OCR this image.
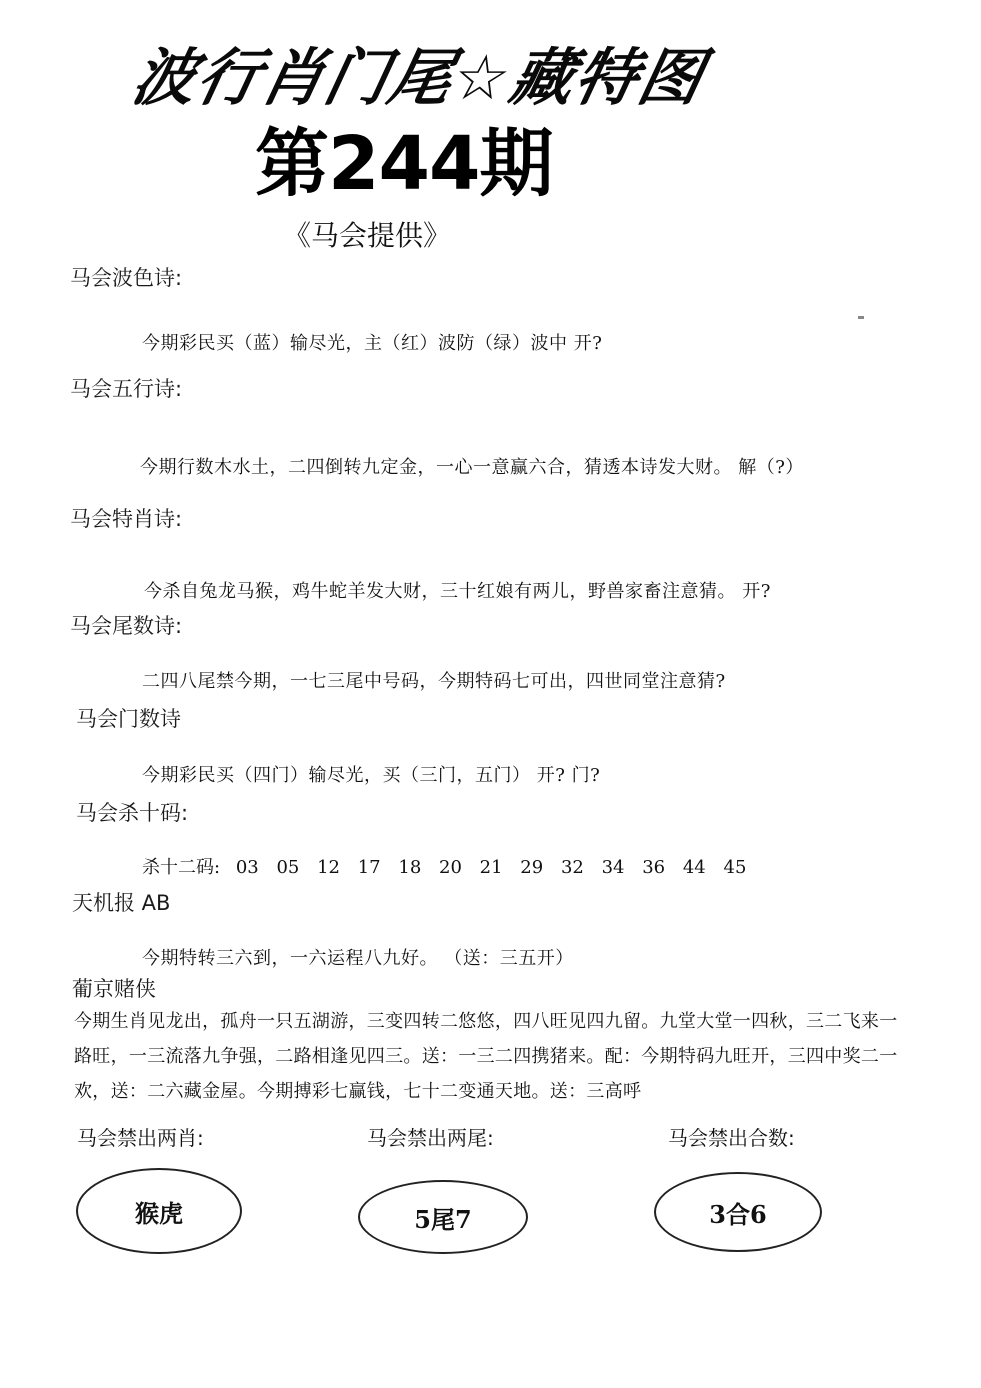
波行肖门尾☆藏特图
第244期
《马会提供》
马会波色诗:
今期彩民买（蓝）输尽光，主（红）波防（绿）波中 开?
马会五行诗:
今期行数木水土，二四倒转九定金，一心一意赢六合，猜透本诗发大财。 解（?）
马会特肖诗:
今杀自兔龙马猴，鸡牛蛇羊发大财，三十红娘有两儿，野兽家畜注意猜。 开?
马会尾数诗:
二四八尾禁今期，一七三尾中号码，今期特码七可出，四世同堂注意猜?
马会门数诗
今期彩民买（四门）输尽光，买（三门，五门） 开? 门?
马会杀十码:
杀十二码: 03 05 12 17 18 20 21 29 32 34 36 44 45
天机报 AB
今期特转三六到，一六运程八九好。 （送：三五开）
葡京赌侠
今期生肖见龙出，孤舟一只五湖游，三变四转二悠悠，四八旺见四九留。九堂大堂一四秋，三二飞来一路旺，一三流落九争强，二路相逢见四三。送：一三二四携猪来。配：今期特码九旺开，三四中奖二一欢，送：二六藏金屋。今期搏彩七赢钱，七十二变通天地。送：三高呼
马会禁出两肖:	马会禁出两尾:	马会禁出合数:
猴虎	5尾7	3合6
